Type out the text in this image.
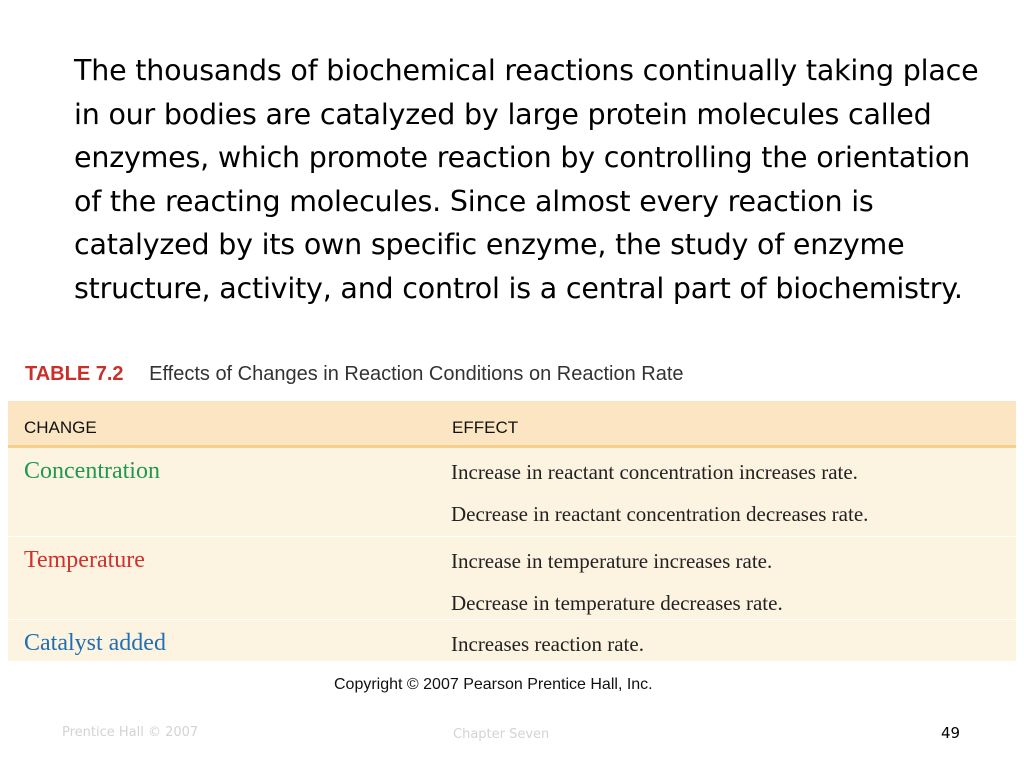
The thousands of biochemical reactions continually taking place in our bodies are catalyzed by large protein molecules called enzymes, which promote reaction by controlling the orientation of the reacting molecules. Since almost every reaction is catalyzed by its own specific enzyme, the study of enzyme structure, activity, and control is a central part of biochemistry.

TABLE 7.2 Effects of Changes in Reaction Conditions on Reaction Rate
CHANGE	EFFECT
Concentration	Increase in reactant concentration increases rate.
Decrease in reactant concentration decreases rate.
Temperature	Increase in temperature increases rate.
Decrease in temperature decreases rate.
Catalyst added	Increases reaction rate.
Copyright © 2007 Pearson Prentice Hall, Inc.
Prentice Hall © 2007	Chapter Seven	49
